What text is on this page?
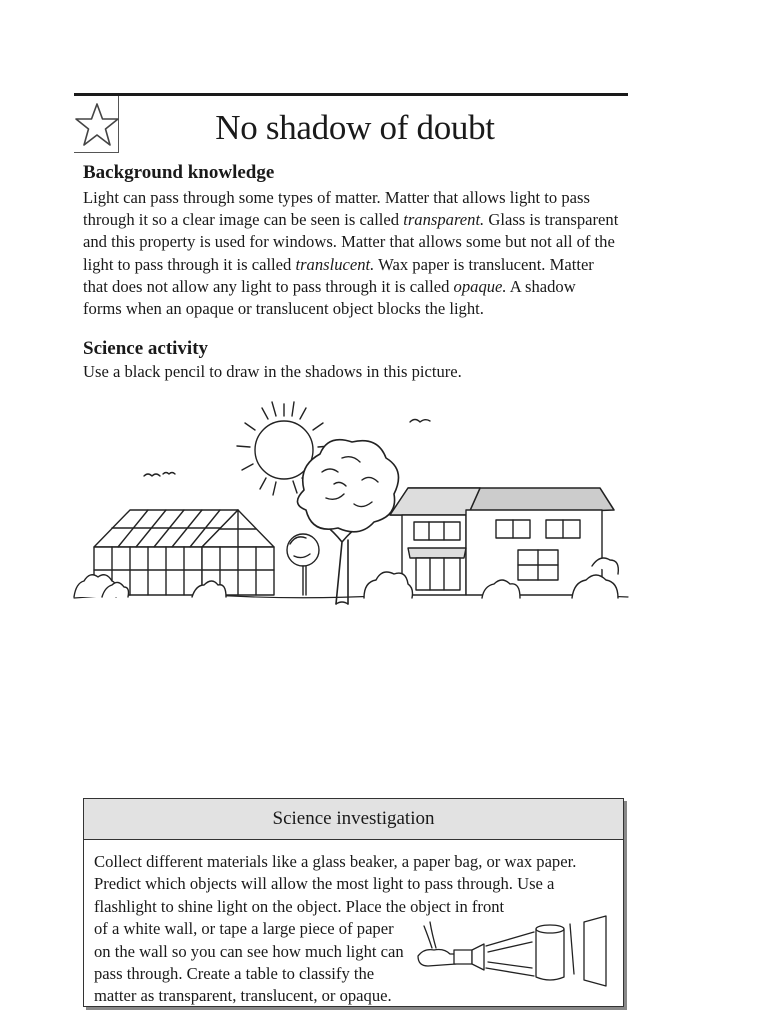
No shadow of doubt
Background knowledge

Light can pass through some types of matter. Matter that allows light to pass

through it so a clear image can be seen is called transparent. Glass is transparent

and this property is used for windows. Matter that allows some but not all of the

light to pass through it is called translucent. Wax paper is translucent. Matter

that does not allow any light to pass through it is called opaque. A shadow

forms when an opaque or translucent object blocks the light.

Science activity

Use a black pencil to draw in the shadows in this picture.

Science investigation

Collect different materials like a glass beaker, a paper bag, or wax paper.

Predict which objects will allow the most light to pass through. Use a

flashlight to shine light on the object. Place the object in front

of a white wall, or tape a large piece of paper

on the wall so you can see how much light can

pass through. Create a table to classify the

matter as transparent, translucent, or opaque.
